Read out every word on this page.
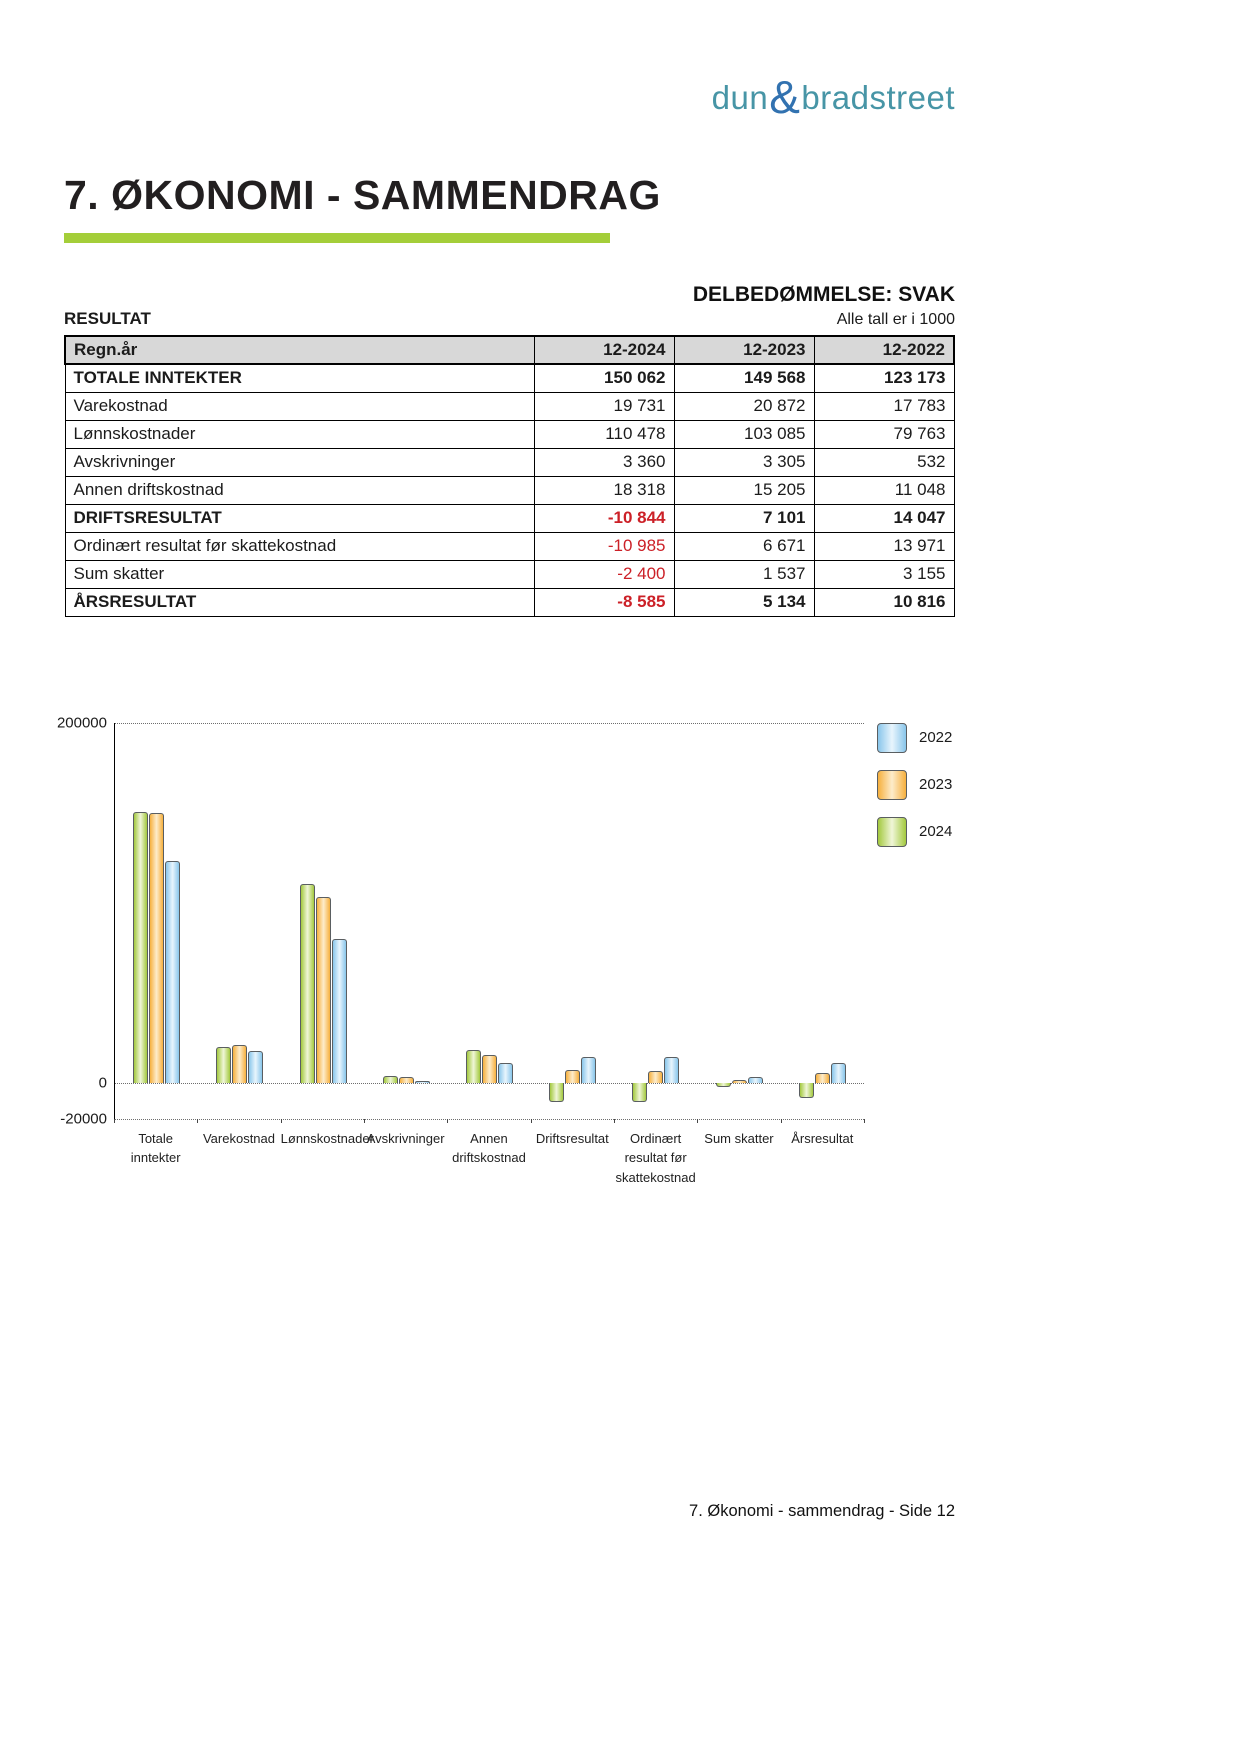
dun&bradstreet
7. ØKONOMI - SAMMENDRAG
DELBEDØMMELSE: SVAK
RESULTAT	Alle tall er i 1000
Regn.år	12-2024	12-2023	12-2022
TOTALE INNTEKTER	150 062	149 568	123 173
Varekostnad	19 731	20 872	17 783
Lønnskostnader	110 478	103 085	79 763
Avskrivninger	3 360	3 305	532
Annen driftskostnad	18 318	15 205	11 048
DRIFTSRESULTAT	-10 844	7 101	14 047
Ordinært resultat før skattekostnad	-10 985	6 671	13 971
Sum skatter	-2 400	1 537	3 155
ÅRSRESULTAT	-8 585	5 134	10 816
200000
0
-20000
Totale inntekter
Varekostnad Lønnskostnader
Avskrivninger	Annen driftskostnad
Driftsresultat	Ordinært resultat før skattekostnad
Sum skatter	Årsresultat
2022
2023
2024
7. Økonomi - sammendrag - Side 12
